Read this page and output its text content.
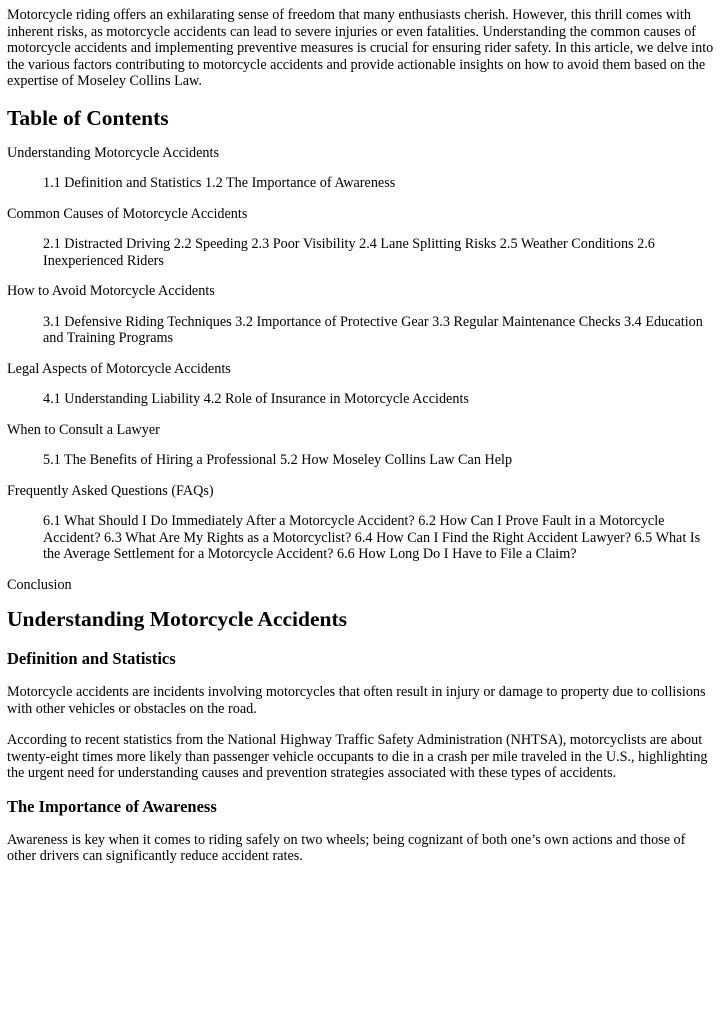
Motorcycle riding offers an exhilarating sense of freedom that many enthusiasts cherish. However, this thrill comes with inherent risks, as motorcycle accidents can lead to severe injuries or even fatalities. Understanding the common causes of motorcycle accidents and implementing preventive measures is crucial for ensuring rider safety. In this article, we delve into the various factors contributing to motorcycle accidents and provide actionable insights on how to avoid them based on the expertise of Moseley Collins Law.

Table of Contents

Understanding Motorcycle Accidents

1.1 Definition and Statistics 1.2 The Importance of Awareness

Common Causes of Motorcycle Accidents

2.1 Distracted Driving 2.2 Speeding 2.3 Poor Visibility 2.4 Lane Splitting Risks 2.5 Weather Conditions 2.6 Inexperienced Riders

How to Avoid Motorcycle Accidents

3.1 Defensive Riding Techniques 3.2 Importance of Protective Gear 3.3 Regular Maintenance Checks 3.4 Education and Training Programs

Legal Aspects of Motorcycle Accidents

4.1 Understanding Liability 4.2 Role of Insurance in Motorcycle Accidents

When to Consult a Lawyer

5.1 The Benefits of Hiring a Professional 5.2 How Moseley Collins Law Can Help

Frequently Asked Questions (FAQs)

6.1 What Should I Do Immediately After a Motorcycle Accident? 6.2 How Can I Prove Fault in a Motorcycle Accident? 6.3 What Are My Rights as a Motorcyclist? 6.4 How Can I Find the Right Accident Lawyer? 6.5 What Is the Average Settlement for a Motorcycle Accident? 6.6 How Long Do I Have to File a Claim?

Conclusion

Understanding Motorcycle Accidents
Definition and Statistics

Motorcycle accidents are incidents involving motorcycles that often result in injury or damage to property due to collisions with other vehicles or obstacles on the road.

According to recent statistics from the National Highway Traffic Safety Administration (NHTSA), motorcyclists are about twenty-eight times more likely than passenger vehicle occupants to die in a crash per mile traveled in the U.S., highlighting the urgent need for understanding causes and prevention strategies associated with these types of accidents.

The Importance of Awareness

Awareness is key when it comes to riding safely on two wheels; being cognizant of both one’s own actions and those of other drivers can significantly reduce accident rates.
